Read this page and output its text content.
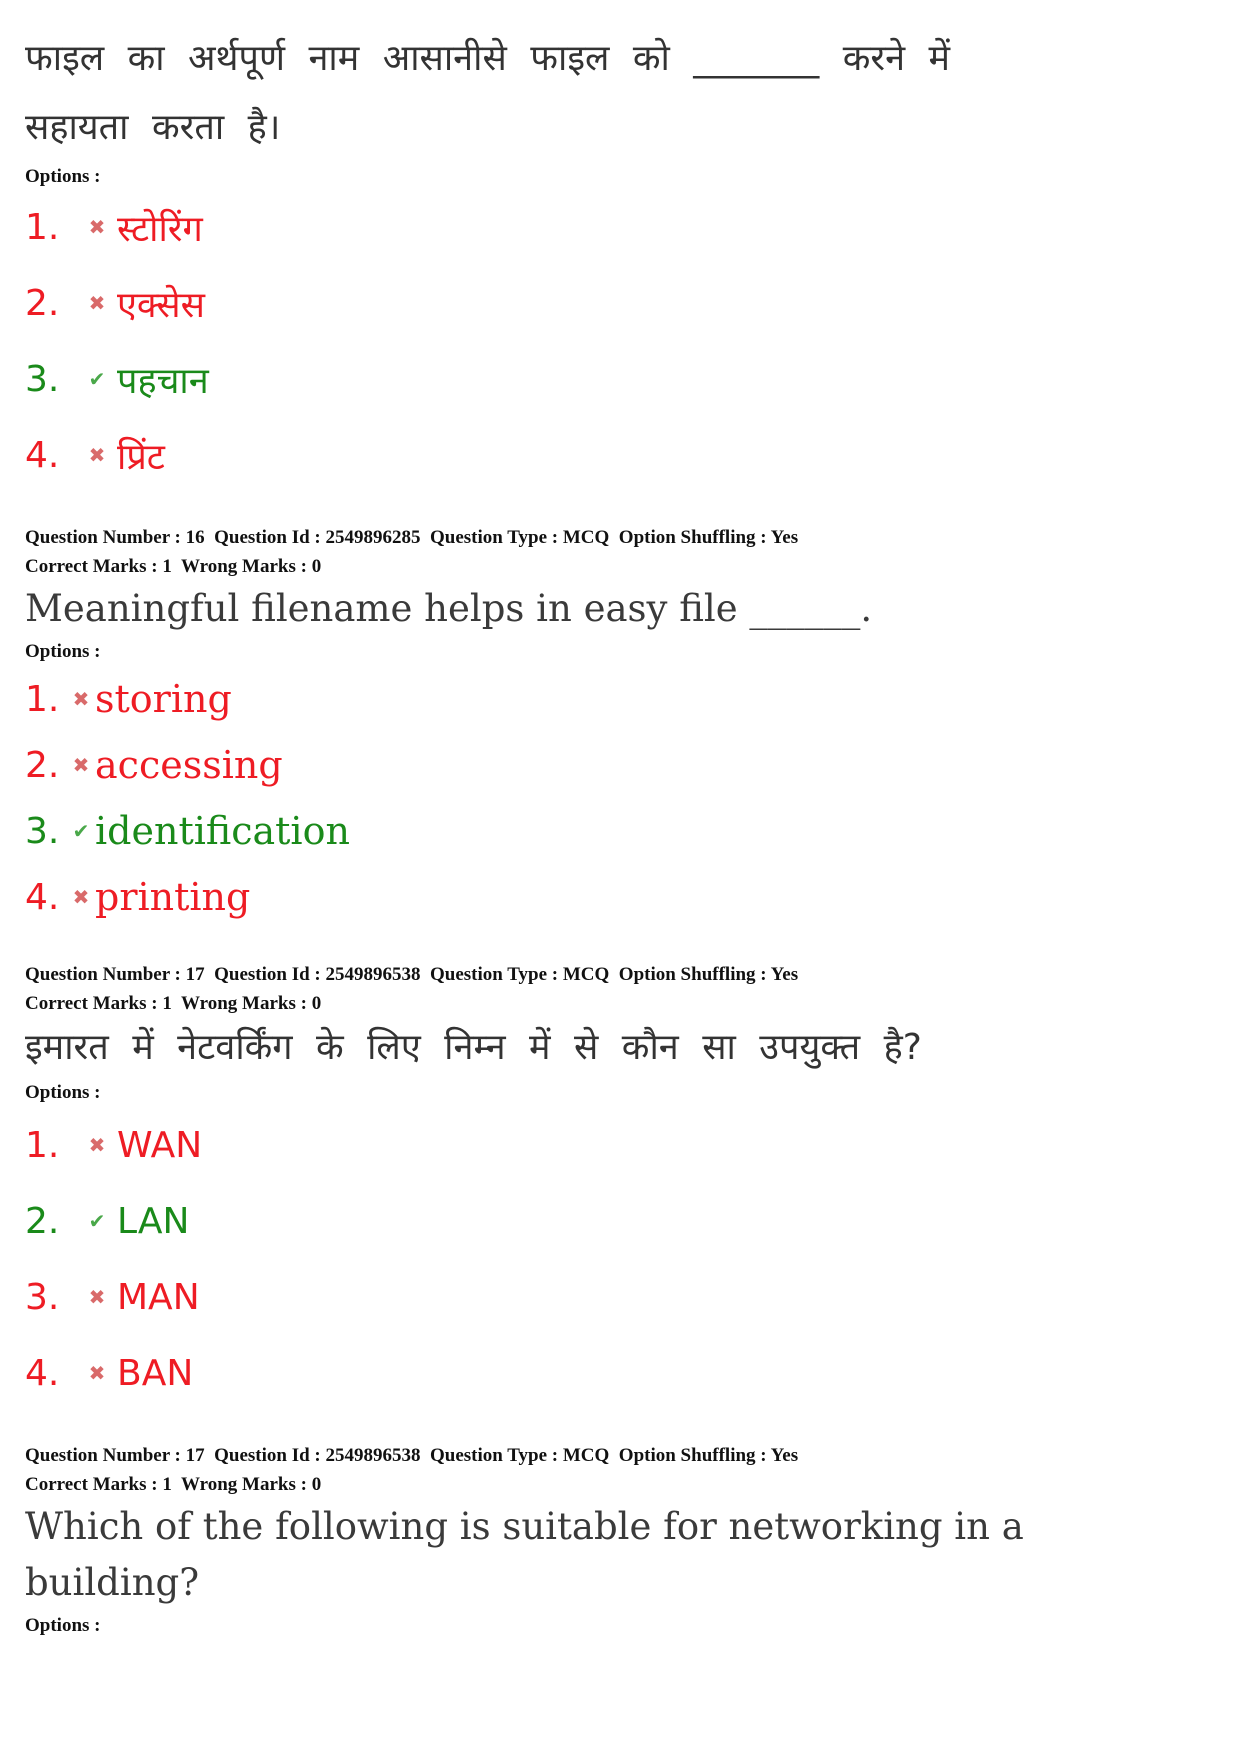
फाइल का अर्थपूर्ण नाम आसानीसे फाइल को _______ करने में सहायता करता है।

Options :

1.	✖ स्टोरिंग
2.	✖ एक्सेस
3.	✔ पहचान
4.	✖ प्रिंट

Question Number : 16  Question Id : 2549896285  Question Type : MCQ  Option Shuffling : Yes

Correct Marks : 1  Wrong Marks : 0

Meaningful filename helps in easy file ______.

Options :

1. ✖ storing
2. ✖ accessing
3. ✔ identification
4. ✖ printing

Question Number : 17  Question Id : 2549896538  Question Type : MCQ  Option Shuffling : Yes

Correct Marks : 1  Wrong Marks : 0

इमारत में नेटवर्किंग के लिए निम्न में से कौन सा उपयुक्त है?

Options :

1.	✖ WAN
2.	✔ LAN
3.	✖ MAN
4.	✖ BAN

Question Number : 17  Question Id : 2549896538  Question Type : MCQ  Option Shuffling : Yes

Correct Marks : 1  Wrong Marks : 0

Which of the following is suitable for networking in a building?

Options :
